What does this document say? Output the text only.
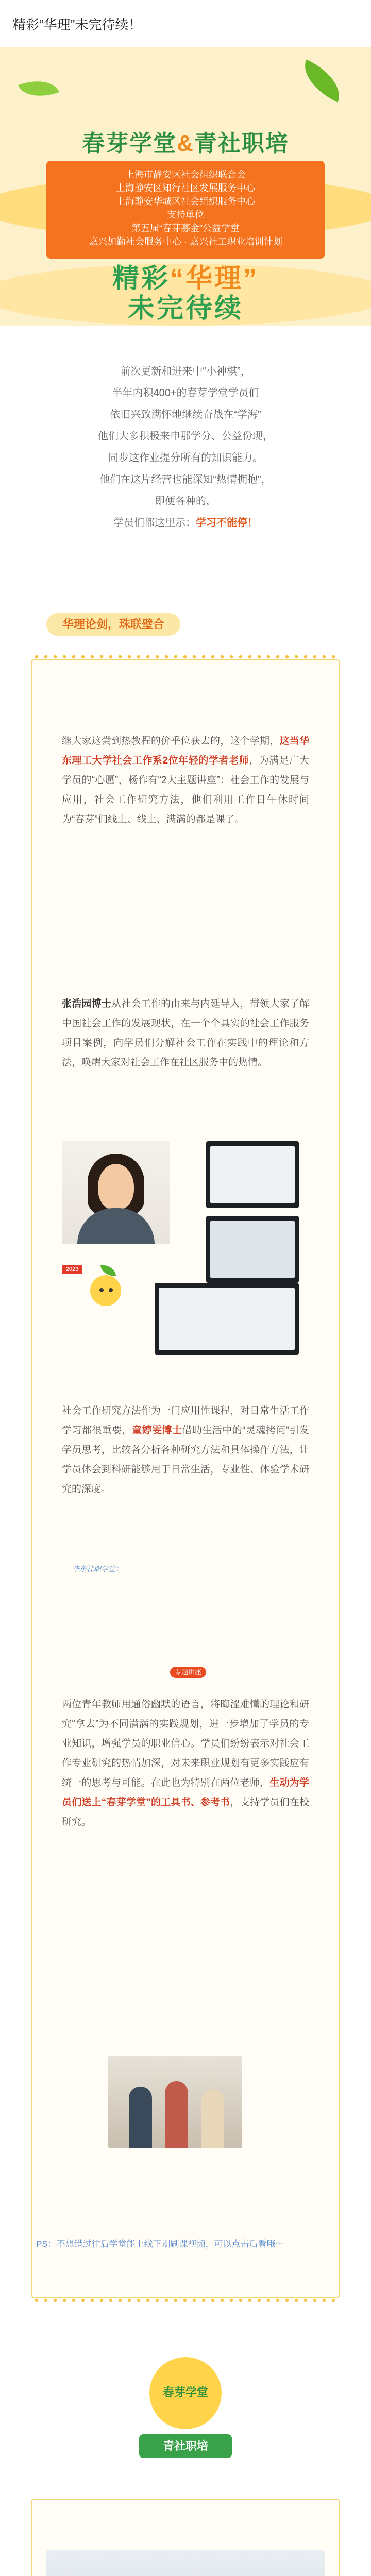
精彩“华理”未完待续！
春芽学堂&青社职培
上海市静安区社会组织联合会
上海静安区知行社区发展服务中心
上海静安华城区社会组织服务中心
支持单位
第五届“春芽募金”公益学堂
嘉兴加勤社会服务中心 · 嘉兴社工职业培训计划
精彩“华理”
未完待续
前次更新和进来中“小神棋”，
半年内积400+的春芽学堂学员们
依旧兴致满怀地继续奋战在“学海”
他们大多积极来申那学分、公益份现，
同步这作业提分所有的知识能力。
他们在这片经营也能深知“热情拥抱”，
即便各种的，
学员们都这里示：学习不能停！
华理论剑，珠联璧合
继大家这尝到热教程的价乎位获去的，这个学期，这当华东理工大学社会工作系2位年轻的学者老师，为满足广大学员的“心愿”，杨作有“2大主题讲座”：社会工作的发展与应用，社会工作研究方法，他们利用工作日午休时间为“春芽”们线上、线上，满满的都是课了。
张浩园博士从社会工作的由来与内延导入，带领大家了解中国社会工作的发展现状，在一个个具实的社会工作服务项目案例，向学员们分解社会工作在实践中的理论和方法，唤醒大家对社会工作在社区服务中的热情。
2023
社会工作研究方法作为一门应用性课程，对日常生活工作学习都很重要，童婷雯博士借助生活中的“灵魂拷问”引发学员思考，比较各分析各种研究方法和具体操作方法，让学员体会到科研能够用于日常生活，专业性、体验学术研究的深度。
华东社职学堂：
专题讲座
两位青年教师用通俗幽默的语言，将晦涩难懂的理论和研究“拿去”为不同满满的实践规划，进一步增加了学员的专业知识，增强学员的职业信心。学员们纷纷表示对社会工作专业研究的热情加深，对未来职业规划有更多实践应有统一的思考与可能。在此也为特别在两位老师，生动为学员们送上“春芽学堂”的工具书、参考书，支持学员们在校研究。
PS：不想错过往后学堂能上线下期刷课视频，可以点击后看哦～
春芽学堂
青社职培
